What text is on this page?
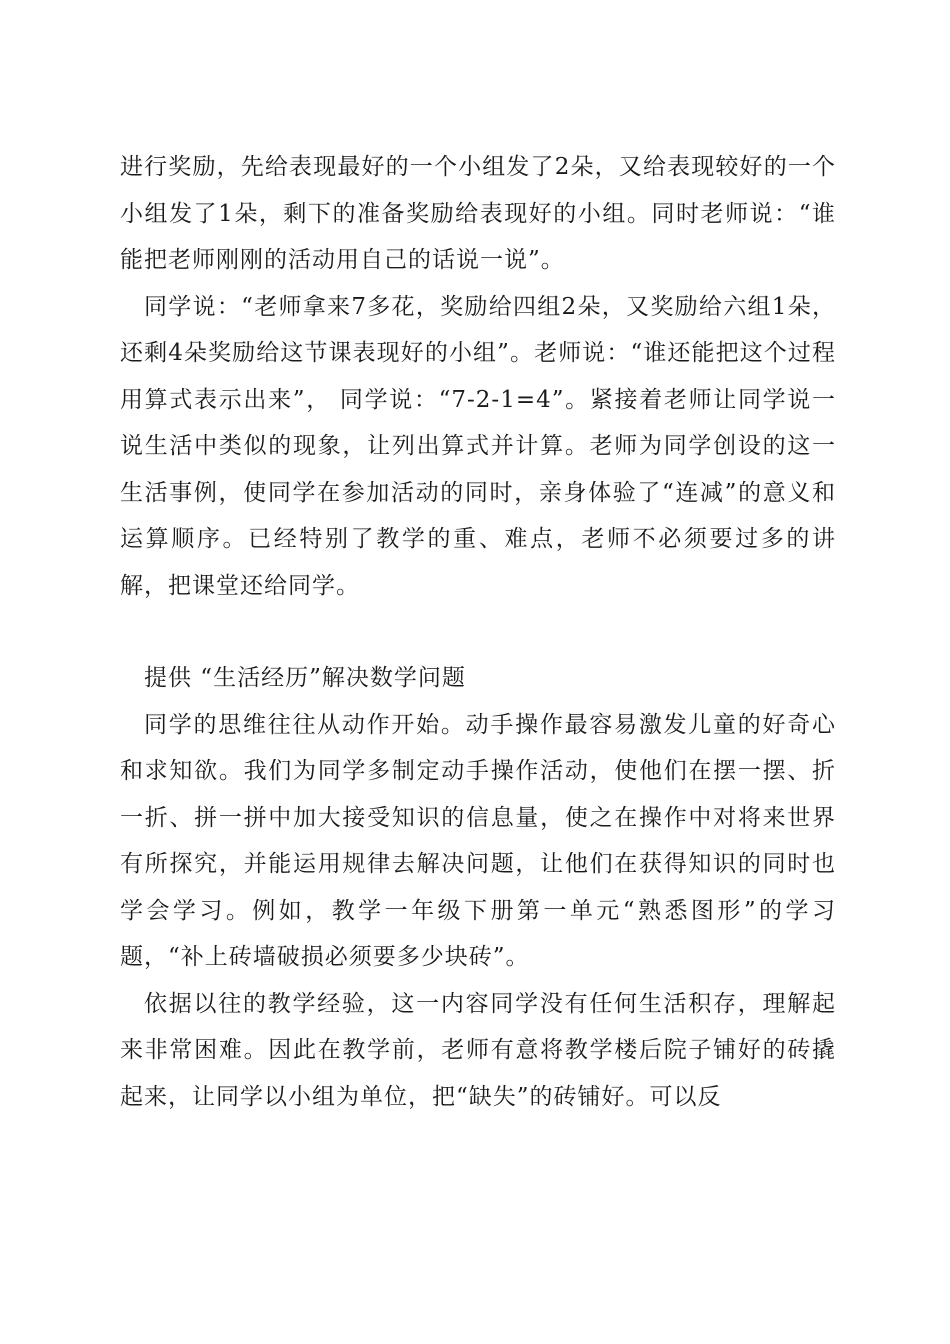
进行奖励，先给表现最好的一个小组发了2朵，又给表现较好的一个小组发了1朵，剩下的准备奖励给表现好的小组。同时老师说：“谁能把老师刚刚的活动用自己的话说一说”。

同学说：“老师拿来7多花，奖励给四组2朵，又奖励给六组1朵，还剩4朵奖励给这节课表现好的小组”。老师说：“谁还能把这个过程用算式表示出来”， 同学说：“7-2-1=4”。紧接着老师让同学说一说生活中类似的现象，让列出算式并计算。老师为同学创设的这一生活事例，使同学在参加活动的同时，亲身体验了“连减”的意义和运算顺序。已经特别了教学的重、难点，老师不必须要过多的讲解，把课堂还给同学。

提供 “生活经历”解决数学问题

同学的思维往往从动作开始。动手操作最容易激发儿童的好奇心和求知欲。我们为同学多制定动手操作活动，使他们在摆一摆、折一折、拼一拼中加大接受知识的信息量，使之在操作中对将来世界有所探究，并能运用规律去解决问题，让他们在获得知识的同时也学会学习。例如，教学一年级下册第一单元“熟悉图形”的学习题，“补上砖墙破损必须要多少块砖”。

依据以往的教学经验，这一内容同学没有任何生活积存，理解起来非常困难。因此在教学前，老师有意将教学楼后院子铺好的砖撬起来，让同学以小组为单位，把“缺失”的砖铺好。可以反
